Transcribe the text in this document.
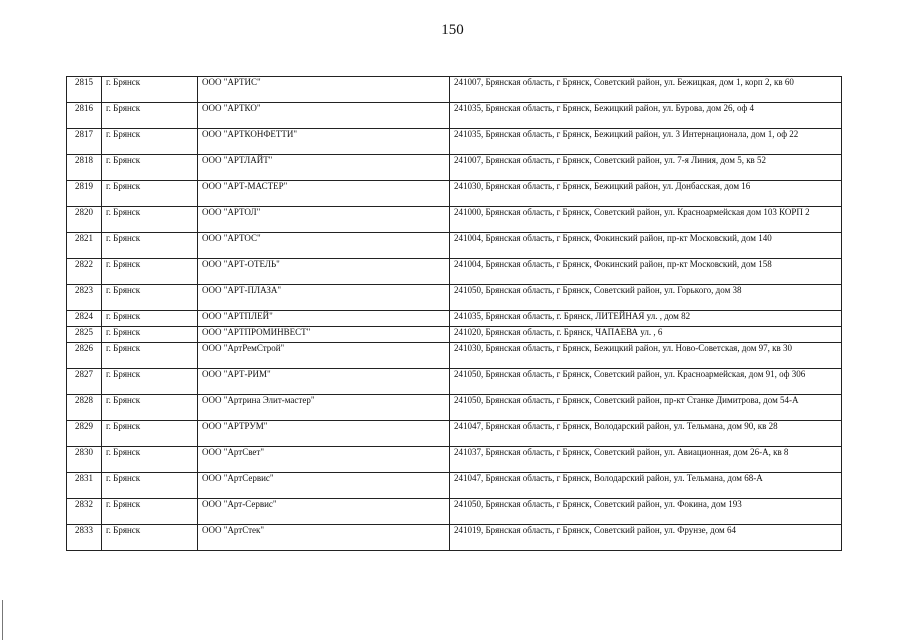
150
2815	г. Брянск	ООО "АРТИС"	241007, Брянская область, г Брянск, Советский район, ул. Бежицкая, дом 1, корп 2, кв 60
2816	г. Брянск	ООО "АРТКО"	241035, Брянская область, г Брянск, Бежицкий район, ул. Бурова, дом 26, оф 4
2817	г. Брянск	ООО "АРТКОНФЕТТИ"	241035, Брянская область, г Брянск, Бежицкий район, ул. 3 Интернационала, дом 1, оф 22
2818	г. Брянск	ООО "АРТЛАЙТ"	241007, Брянская область, г Брянск, Советский район, ул. 7-я Линия, дом 5, кв 52
2819	г. Брянск	ООО "АРТ-МАСТЕР"	241030, Брянская область, г Брянск, Бежицкий район, ул. Донбасская, дом 16
2820	г. Брянск	ООО "АРТОЛ"	241000, Брянская область, г Брянск, Советский район, ул. Красноармейская дом 103 КОРП 2
2821	г. Брянск	ООО "АРТОС"	241004, Брянская область, г Брянск, Фокинский район, пр-кт Московский, дом 140
2822	г. Брянск	ООО "АРТ-ОТЕЛЬ"	241004, Брянская область, г Брянск, Фокинский район, пр-кт Московский, дом 158
2823	г. Брянск	ООО "АРТ-ПЛАЗА"	241050, Брянская область, г Брянск, Советский район, ул. Горького, дом 38
2824	г. Брянск	ООО "АРТПЛЕЙ"	241035, Брянская область, г. Брянск, ЛИТЕЙНАЯ ул. , дом 82
2825	г. Брянск	ООО "АРТПРОМИНВЕСТ"	241020, Брянская область, г. Брянск, ЧАПАЕВА ул. , 6
2826	г. Брянск	ООО "АртРемСтрой"	241030, Брянская область, г Брянск, Бежицкий район, ул. Ново-Советская, дом 97, кв 30
2827	г. Брянск	ООО "АРТ-РИМ"	241050, Брянская область, г Брянск, Советский район, ул. Красноармейская, дом 91, оф 306
2828	г. Брянск	ООО "Артрина Элит-мастер"	241050, Брянская область, г Брянск, Советский район, пр-кт Станке Димитрова, дом 54-А
2829	г. Брянск	ООО "АРТРУМ"	241047, Брянская область, г Брянск, Володарский район, ул. Тельмана, дом 90, кв 28
2830	г. Брянск	ООО "АртСвет"	241037, Брянская область, г Брянск, Советский район, ул. Авиационная, дом 26-А, кв 8
2831	г. Брянск	ООО "АртСервис"	241047, Брянская область, г Брянск, Володарский район, ул. Тельмана, дом 68-А
2832	г. Брянск	ООО "Арт-Сервис"	241050, Брянская область, г Брянск, Советский район, ул. Фокина, дом 193
2833	г. Брянск	ООО "АртСтек"	241019, Брянская область, г Брянск, Советский район, ул. Фрунзе, дом 64
